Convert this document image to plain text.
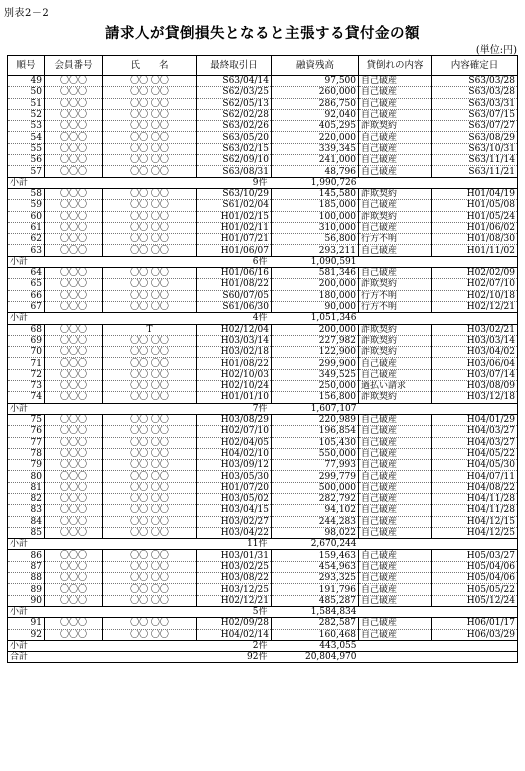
別表2－2
請求人が貸倒損失となると主張する貸付金の額
(単位:円)
順号	会員番号	氏　　名	最終取引日	融資残高	貸倒れの内容	内容確定日
49	〇〇〇	〇〇 〇〇	S63/04/14	97,500	自己破産	S63/03/28
50	〇〇〇	〇〇 〇〇	S62/03/25	260,000	自己破産	S63/03/28
51	〇〇〇	〇〇 〇〇	S62/05/13	286,750	自己破産	S63/03/31
52	〇〇〇	〇〇 〇〇	S62/02/28	92,040	自己破産	S63/07/15
53	〇〇〇	〇〇 〇〇	S63/02/26	405,295	詐欺契約	S63/07/27
54	〇〇〇	〇〇 〇〇	S63/05/20	220,000	自己破産	S63/08/29
55	〇〇〇	〇〇 〇〇	S63/02/15	339,345	自己破産	S63/10/31
56	〇〇〇	〇〇 〇〇	S62/09/10	241,000	自己破産	S63/11/14
57	〇〇〇	〇〇 〇〇	S63/08/31	48,796	自己破産	S63/11/21
小計	9件			1,990,726		
58	〇〇〇	〇〇 〇〇	S63/10/29	145,580	詐欺契約	H01/04/19
59	〇〇〇	〇〇 〇〇	S61/02/04	185,000	自己破産	H01/05/08
60	〇〇〇	〇〇 〇〇	H01/02/15	100,000	詐欺契約	H01/05/24
61	〇〇〇	〇〇 〇〇	H01/02/11	310,000	自己破産	H01/06/02
62	〇〇〇	〇〇 〇〇	H01/07/21	56,800	行方不明	H01/08/30
63	〇〇〇	〇〇 〇〇	H01/06/07	293,211	自己破産	H01/11/02
小計	6件			1,090,591		
64	〇〇〇	〇〇 〇〇	H01/06/16	581,346	自己破産	H02/02/09
65	〇〇〇	〇〇 〇〇	H01/08/22	200,000	詐欺契約	H02/07/10
66	〇〇〇	〇〇 〇〇	S60/07/05	180,000	行方不明	H02/10/18
67	〇〇〇	〇〇 〇〇	S61/06/30	90,000	行方不明	H02/12/21
小計	4件			1,051,346		
68	〇〇〇	T	H02/12/04	200,000	詐欺契約	H03/02/21
69	〇〇〇	〇〇 〇〇	H03/03/14	227,982	詐欺契約	H03/03/14
70	〇〇〇	〇〇 〇〇	H03/02/18	122,900	詐欺契約	H03/04/02
71	〇〇〇	〇〇 〇〇	H01/08/22	299,900	自己破産	H03/06/04
72	〇〇〇	〇〇 〇〇	H02/10/03	349,525	自己破産	H03/07/14
73	〇〇〇	〇〇 〇〇	H02/10/24	250,000	過払い請求	H03/08/09
74	〇〇〇	〇〇 〇〇	H01/01/10	156,800	詐欺契約	H03/12/18
小計	7件			1,607,107		
75	〇〇〇	〇〇 〇〇	H03/08/29	220,989	自己破産	H04/01/29
76	〇〇〇	〇〇 〇〇	H02/07/10	196,854	自己破産	H04/03/27
77	〇〇〇	〇〇 〇〇	H02/04/05	105,430	自己破産	H04/03/27
78	〇〇〇	〇〇 〇〇	H04/02/10	550,000	自己破産	H04/05/22
79	〇〇〇	〇〇 〇〇	H03/09/12	77,993	自己破産	H04/05/30
80	〇〇〇	〇〇 〇〇	H03/05/30	299,779	自己破産	H04/07/11
81	〇〇〇	〇〇 〇〇	H01/07/20	500,000	自己破産	H04/08/22
82	〇〇〇	〇〇 〇〇	H03/05/02	282,792	自己破産	H04/11/28
83	〇〇〇	〇〇 〇〇	H03/04/15	94,102	自己破産	H04/11/28
84	〇〇〇	〇〇 〇〇	H03/02/27	244,283	自己破産	H04/12/15
85	〇〇〇	〇〇 〇〇	H03/04/22	98,022	自己破産	H04/12/25
小計	11件			2,670,244		
86	〇〇〇	〇〇 〇〇	H03/01/31	159,463	自己破産	H05/03/27
87	〇〇〇	〇〇 〇〇	H03/02/25	454,963	自己破産	H05/04/06
88	〇〇〇	〇〇 〇〇	H03/08/22	293,325	自己破産	H05/04/06
89	〇〇〇	〇〇 〇〇	H03/12/25	191,796	自己破産	H05/05/22
90	〇〇〇	〇〇 〇〇	H02/12/21	485,287	自己破産	H05/12/24
小計	5件			1,584,834		
91	〇〇〇	〇〇 〇〇	H02/09/28	282,587	自己破産	H06/01/17
92	〇〇〇	〇〇 〇〇	H04/02/14	160,468	自己破産	H06/03/29
小計	2件			443,055		
合計	92件			20,804,970		
